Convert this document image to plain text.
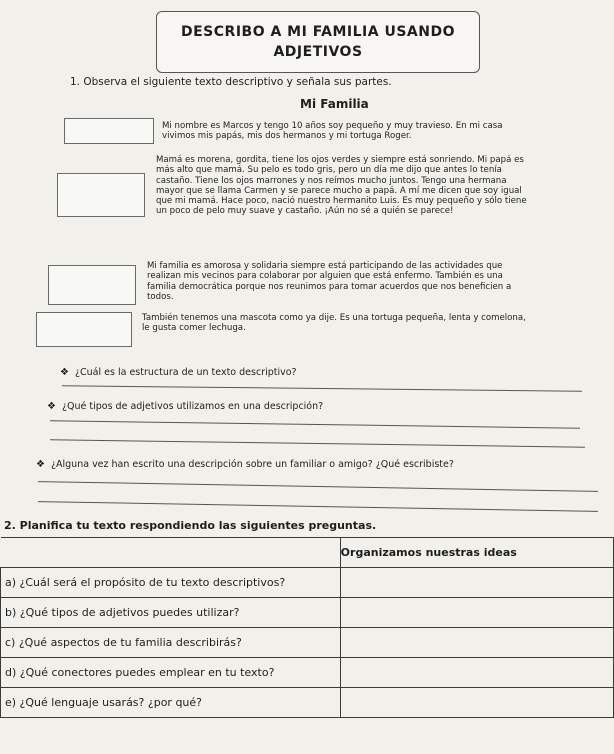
DESCRIBO A MI FAMILIA USANDO
ADJETIVOS
1. Observa el siguiente texto descriptivo y señala sus partes.
Mi Familia
Mi nombre es Marcos y tengo 10 años soy pequeño y muy travieso. En mi casa vivimos mis papás, mis dos hermanos y mi tortuga Roger.
Mamá es morena, gordita, tiene los ojos verdes y siempre está sonriendo. Mi papá es más alto que mamá. Su pelo es todo gris, pero un día me dijo que antes lo tenía castaño. Tiene los ojos marrones y nos reímos mucho juntos. Tengo una hermana mayor que se llama Carmen y se parece mucho a papá. A mí me dicen que soy igual que mi mamá. Hace poco, nació nuestro hermanito Luis. Es muy pequeño y sólo tiene un poco de pelo muy suave y castaño. ¡Aún no sé a quién se parece!
Mi familia es amorosa y solidaria siempre está participando de las actividades que realizan mis vecinos para colaborar por alguien que está enfermo. También es una familia democrática porque nos reunimos para tomar acuerdos que nos beneficien a todos.
También tenemos una mascota como ya dije. Es una tortuga pequeña, lenta y comelona, le gusta comer lechuga.
❖ ¿Cuál es la estructura de un texto descriptivo?
❖ ¿Qué tipos de adjetivos utilizamos en una descripción?
❖ ¿Alguna vez han escrito una descripción sobre un familiar o amigo? ¿Qué escribiste?
2. Planifica tu texto respondiendo las siguientes preguntas.
	Organizamos nuestras ideas
a) ¿Cuál será el propósito de tu texto descriptivos?	
b) ¿Qué tipos de adjetivos puedes utilizar?	
c) ¿Qué aspectos de tu familia describirás?	
d) ¿Qué conectores puedes emplear en tu texto?	
e) ¿Qué lenguaje usarás? ¿por qué?	
